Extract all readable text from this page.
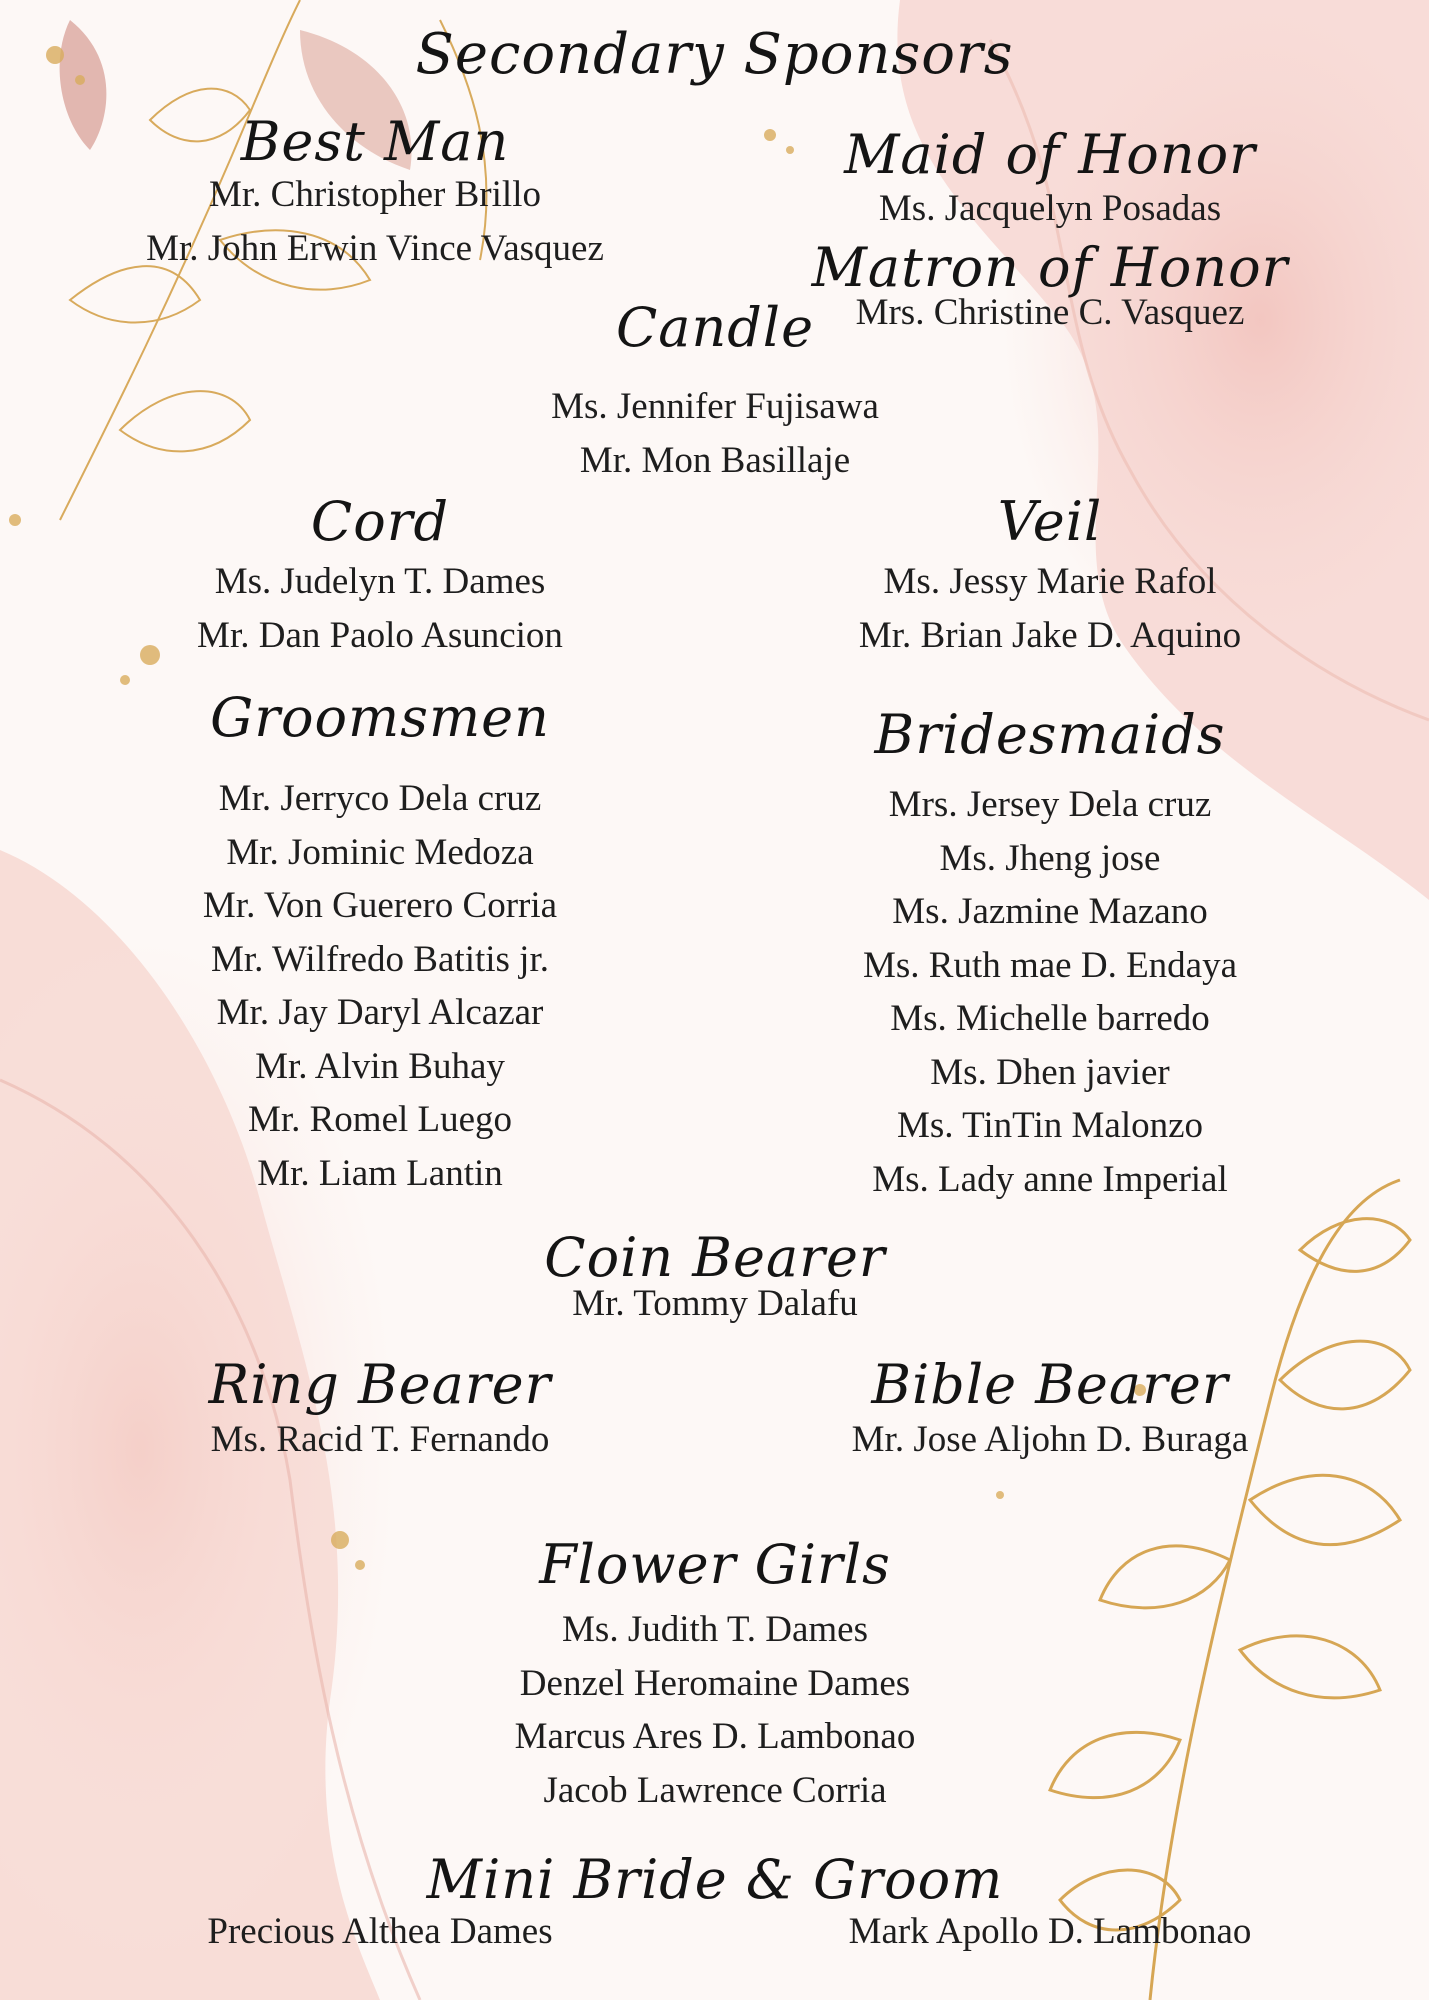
Secondary Sponsors
Best Man
Mr. Christopher Brillo
Mr. John Erwin Vince Vasquez
Maid of Honor
Ms. Jacquelyn Posadas
Matron of Honor
Mrs. Christine C. Vasquez
Candle
Ms. Jennifer Fujisawa
Mr. Mon Basillaje
Cord
Ms. Judelyn T. Dames
Mr. Dan Paolo Asuncion
Veil
Ms. Jessy Marie Rafol
Mr. Brian Jake D. Aquino
Groomsmen
Mr. Jerryco Dela cruz
Mr. Jominic Medoza
Mr. Von Guerero Corria
Mr. Wilfredo Batitis jr.
Mr. Jay Daryl Alcazar
Mr. Alvin Buhay
Mr. Romel Luego
Mr. Liam Lantin
Bridesmaids
Mrs. Jersey Dela cruz
Ms. Jheng jose
Ms. Jazmine Mazano
Ms. Ruth mae D. Endaya
Ms. Michelle barredo
Ms. Dhen javier
Ms. TinTin Malonzo
Ms. Lady anne Imperial
Coin Bearer
Mr. Tommy Dalafu
Ring Bearer
Ms. Racid T. Fernando
Bible Bearer
Mr. Jose Aljohn D. Buraga
Flower Girls
Ms. Judith T. Dames
Denzel Heromaine Dames
Marcus Ares D. Lambonao
Jacob Lawrence Corria
Mini Bride & Groom
Precious Althea Dames	Mark Apollo D. Lambonao
